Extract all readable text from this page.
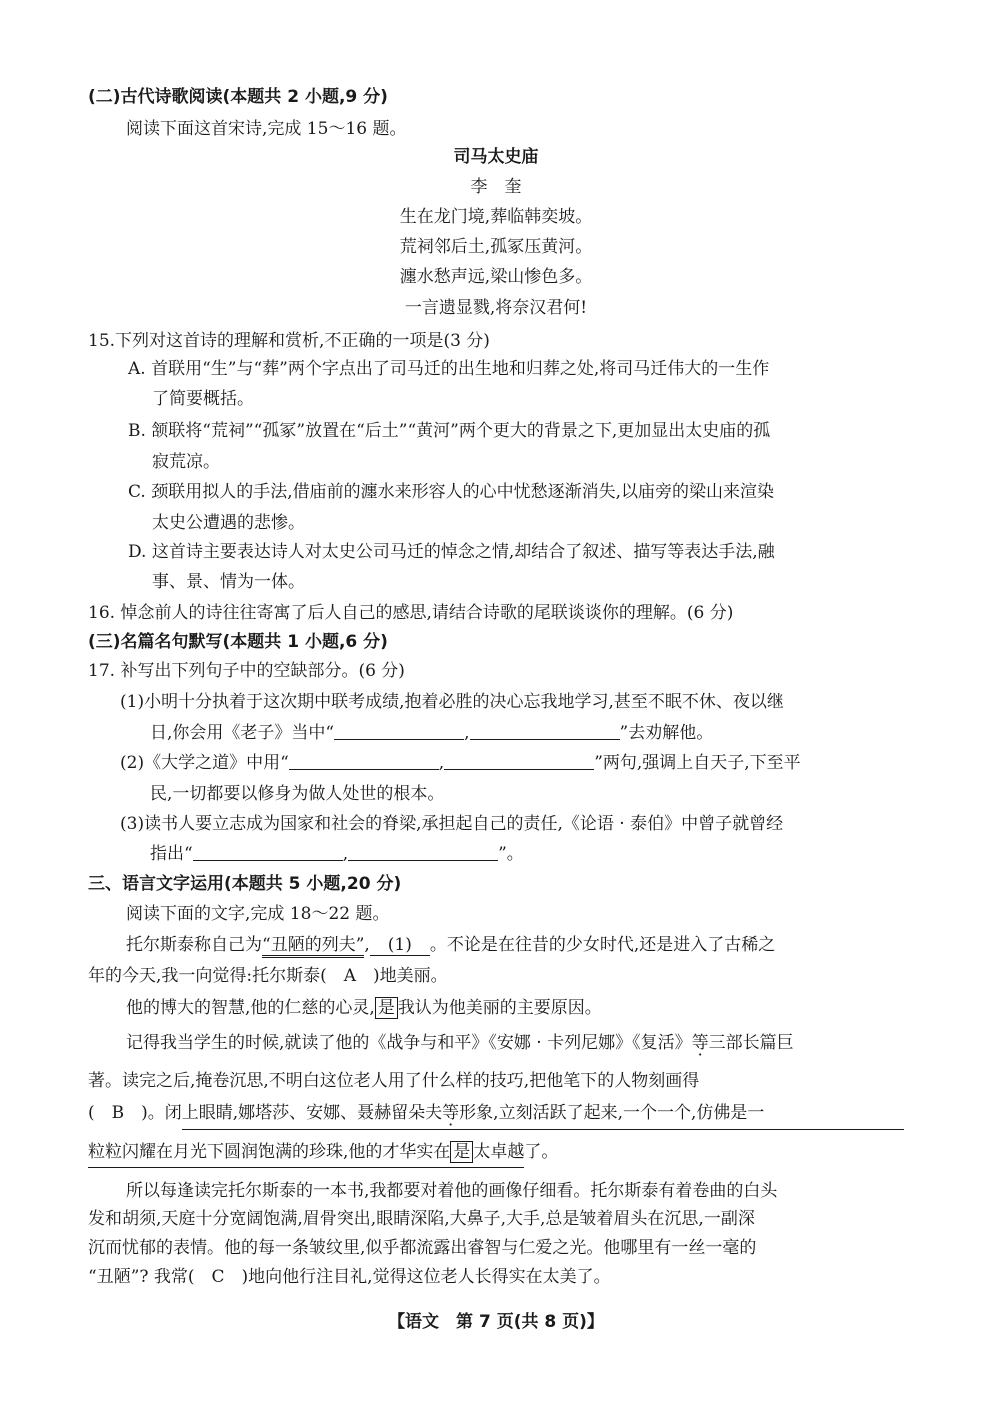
(二)古代诗歌阅读(本题共 2 小题,9 分)
阅读下面这首宋诗,完成 15～16 题。
司马太史庙
李　奎
生在龙门境,葬临韩奕坡。
荒祠邻后土,孤冢压黄河。
瀍水愁声远,梁山惨色多。
一言遗显戮,将奈汉君何!
15.下列对这首诗的理解和赏析,不正确的一项是(3 分)
A. 首联用“生”与“葬”两个字点出了司马迁的出生地和归葬之处,将司马迁伟大的一生作
了简要概括。
B. 颔联将“荒祠”“孤冢”放置在“后土”“黄河”两个更大的背景之下,更加显出太史庙的孤
寂荒凉。
C. 颈联用拟人的手法,借庙前的瀍水来形容人的心中忧愁逐渐消失,以庙旁的梁山来渲染
太史公遭遇的悲惨。
D. 这首诗主要表达诗人对太史公司马迁的悼念之情,却结合了叙述、描写等表达手法,融
事、景、情为一体。
16. 悼念前人的诗往往寄寓了后人自己的感思,请结合诗歌的尾联谈谈你的理解。(6 分)
(三)名篇名句默写(本题共 1 小题,6 分)
17. 补写出下列句子中的空缺部分。(6 分)
(1)小明十分执着于这次期中联考成绩,抱着必胜的决心忘我地学习,甚至不眠不休、夜以继
日,你会用《老子》当中“	,	”去劝解他。
(2)《大学之道》中用“	,	”两句,强调上自天子,下至平
民,一切都要以修身为做人处世的根本。
(3)读书人要立志成为国家和社会的脊梁,承担起自己的责任,《论语 · 泰伯》中曾子就曾经
指出“	,	”。
三、语言文字运用(本题共 5 小题,20 分)
阅读下面的文字,完成 18～22 题。
托尔斯泰称自己为“丑陋的列夫”, (1) 。不论是在往昔的少女时代,还是进入了古稀之
年的今天,我一向觉得:托尔斯泰(　A　)地美丽。
他的博大的智慧,他的仁慈的心灵, 是 我认为他美丽的主要原因。
记得我当学生的时候,就读了他的《战争与和平》《安娜 · 卡列尼娜》《复活》等三部长篇巨
著。读完之后,掩卷沉思,不明白这位老人用了什么样的技巧,把他笔下的人物刻画得
(　B　)。闭上眼睛,娜塔莎、安娜、聂赫留朵夫等形象,立刻活跃了起来,一个一个,仿佛是一
粒粒闪耀在月光下圆润饱满的珍珠,他的才华实在 是 太卓越了。
所以每逢读完托尔斯泰的一本书,我都要对着他的画像仔细看。托尔斯泰有着卷曲的白头
发和胡须,天庭十分宽阔饱满,眉骨突出,眼睛深陷,大鼻子,大手,总是皱着眉头在沉思,一副深
沉而忧郁的表情。他的每一条皱纹里,似乎都流露出睿智与仁爱之光。他哪里有一丝一毫的
“丑陋”? 我常(　C　)地向他行注目礼,觉得这位老人长得实在太美了。
【语文　第 7 页(共 8 页)】
